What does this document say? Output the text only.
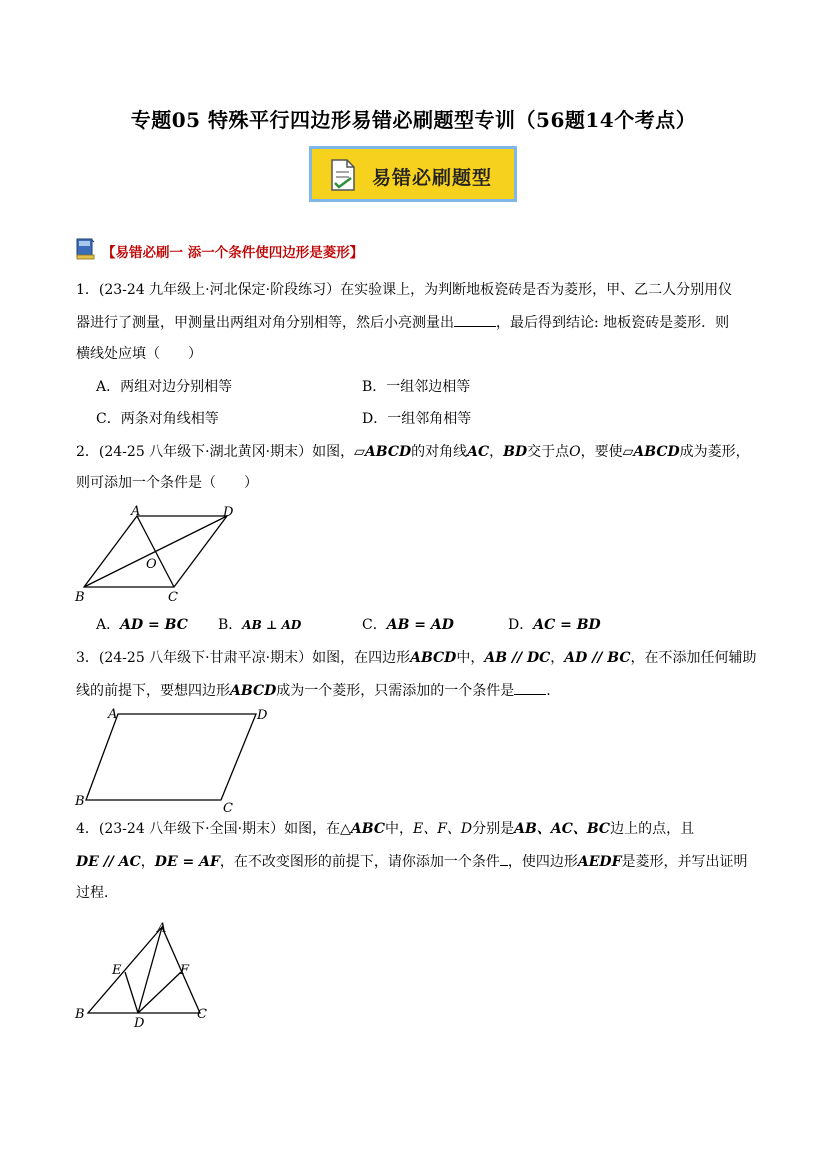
专题05 特殊平行四边形易错必刷题型专训（56题14个考点）
易错必刷题型
【易错必刷一 添一个条件使四边形是菱形】
1．(23-24 九年级上·河北保定·阶段练习）在实验课上，为判断地板瓷砖是否为菱形，甲、乙二人分别用仪
器进行了测量，甲测量出两组对角分别相等，然后小亮测量出	，最后得到结论: 地板瓷砖是菱形．则
横线处应填（　　）
A．两组对边分别相等	B．一组邻边相等
C．两条对角线相等	D．一组邻角相等
2．(24-25 八年级下·湖北黄冈·期末）如图，▱ABCD的对角线AC，BD交于点O，要使▱ABCD成为菱形，
则可添加一个条件是（　　）
A	D
B	C
O
A．AD = BC B．AB ⊥ AD	C．AB = AD	D．AC = BD
3．(24-25 八年级下·甘肃平凉·期末）如图，在四边形ABCD中，AB // DC，AD // BC，在不添加任何辅助
线的前提下，要想四边形ABCD成为一个菱形，只需添加的一个条件是 .
A	D
B	C
4．(23-24 八年级下·全国·期末）如图，在△ABC中，E、F、D分别是AB、AC、BC边上的点，且
DE // AC，DE = AF，在不改变图形的前提下，请你添加一个条件 ，使四边形AEDF是菱形，并写出证明
过程．
A
E	F
B
D
C
